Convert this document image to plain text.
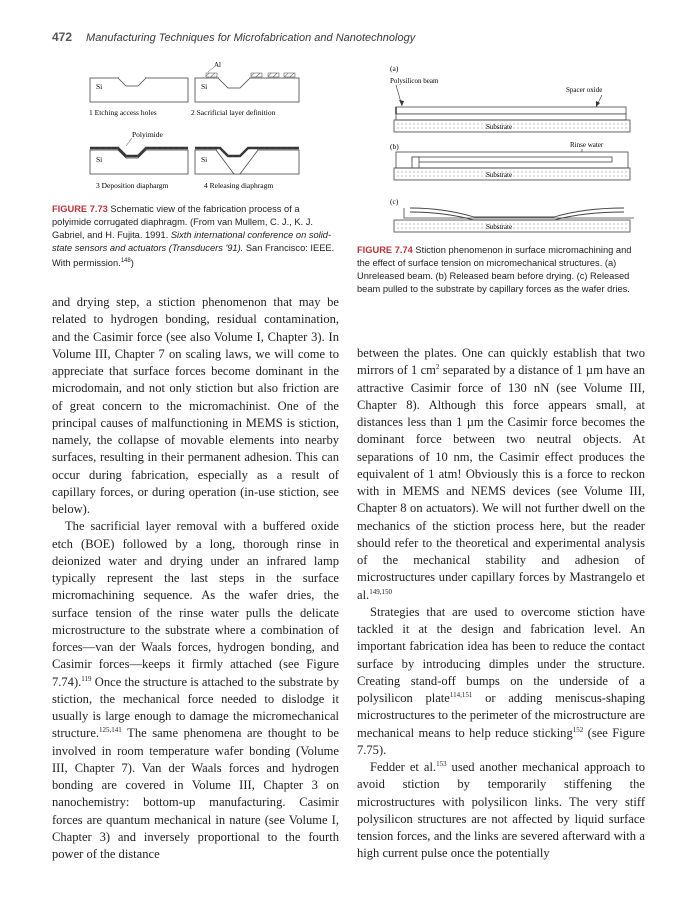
472 Manufacturing Techniques for Microfabrication and Nanotechnology
Si
1 Etching access holes
Al
Si
2 Sacrificial layer definition
Polyimide
Si
3 Deposition diaphargm
Si
4 Releasing diaphragm
FIGURE 7.73 Schematic view of the fabrication process of a polyimide corrugated diaphragm. (From van Mullem, C. J., K. J. Gabriel, and H. Fujita. 1991. Sixth international conference on solid-state sensors and actuators (Transducers '91). San Francisco: IEEE. With permission.$^{148}$)
(a)
Polysilicon beam
Spacer oxide
Substrate
(b)	Rinse water
Substrate
(c)
Substrate
FIGURE 7.74 Stiction phenomenon in surface micromachining and the effect of surface tension on micromechanical structures. (a) Unreleased beam. (b) Released beam before drying. (c) Released beam pulled to the substrate by capillary forces as the wafer dries.

and drying step, a stiction phenomenon that may be related to hydrogen bonding, residual contamination, and the Casimir force (see also Volume I, Chapter 3). In Volume III, Chapter 7 on scaling laws, we will come to appreciate that surface forces become dominant in the microdomain, and not only stiction but also friction are of great concern to the micromachinist. One of the principal causes of malfunctioning in MEMS is stiction, namely, the collapse of movable elements into nearby surfaces, resulting in their permanent adhesion. This can occur during fabrication, especially as a result of capillary forces, or during operation (in-use stiction, see below).

The sacrificial layer removal with a buffered oxide etch (BOE) followed by a long, thorough rinse in deionized water and drying under an infrared lamp typically represent the last steps in the surface micromachining sequence. As the wafer dries, the surface tension of the rinse water pulls the delicate microstructure to the substrate where a combination of forces—van der Waals forces, hydrogen bonding, and Casimir forces—keeps it firmly attached (see Figure 7.74).$^{119}$ Once the structure is attached to the substrate by stiction, the mechanical force needed to dislodge it usually is large enough to damage the micromechanical structure.$^{125,141}$ The same phenomena are thought to be involved in room temperature wafer bonding (Volume III, Chapter 7). Van der Waals forces and hydrogen bonding are covered in Volume III, Chapter 3 on nanochemistry: bottom-up manufacturing. Casimir forces are quantum mechanical in nature (see Volume I, Chapter 3) and inversely proportional to the fourth power of the distance

between the plates. One can quickly establish that two mirrors of 1 $cm^2$ separated by a distance of 1 µm have an attractive Casimir force of 130 nN (see Volume III, Chapter 8). Although this force appears small, at distances less than 1 µm the Casimir force becomes the dominant force between two neutral objects. At separations of 10 nm, the Casimir effect produces the equivalent of 1 atm! Obviously this is a force to reckon with in MEMS and NEMS devices (see Volume III, Chapter 8 on actuators). We will not further dwell on the mechanics of the stiction process here, but the reader should refer to the theoretical and experimental analysis of the mechanical stability and adhesion of microstructures under capillary forces by Mastrangelo et al.$^{149,150}$

Strategies that are used to overcome stiction have tackled it at the design and fabrication level. An important fabrication idea has been to reduce the contact surface by introducing dimples under the structure. Creating stand-off bumps on the underside of a polysilicon plate$^{114,151}$ or adding meniscus-shaping microstructures to the perimeter of the microstructure are mechanical means to help reduce sticking$^{152}$ (see Figure 7.75).

Fedder et al.$^{153}$ used another mechanical approach to avoid stiction by temporarily stiffening the microstructures with polysilicon links. The very stiff polysilicon structures are not affected by liquid surface tension forces, and the links are severed afterward with a high current pulse once the potentially
